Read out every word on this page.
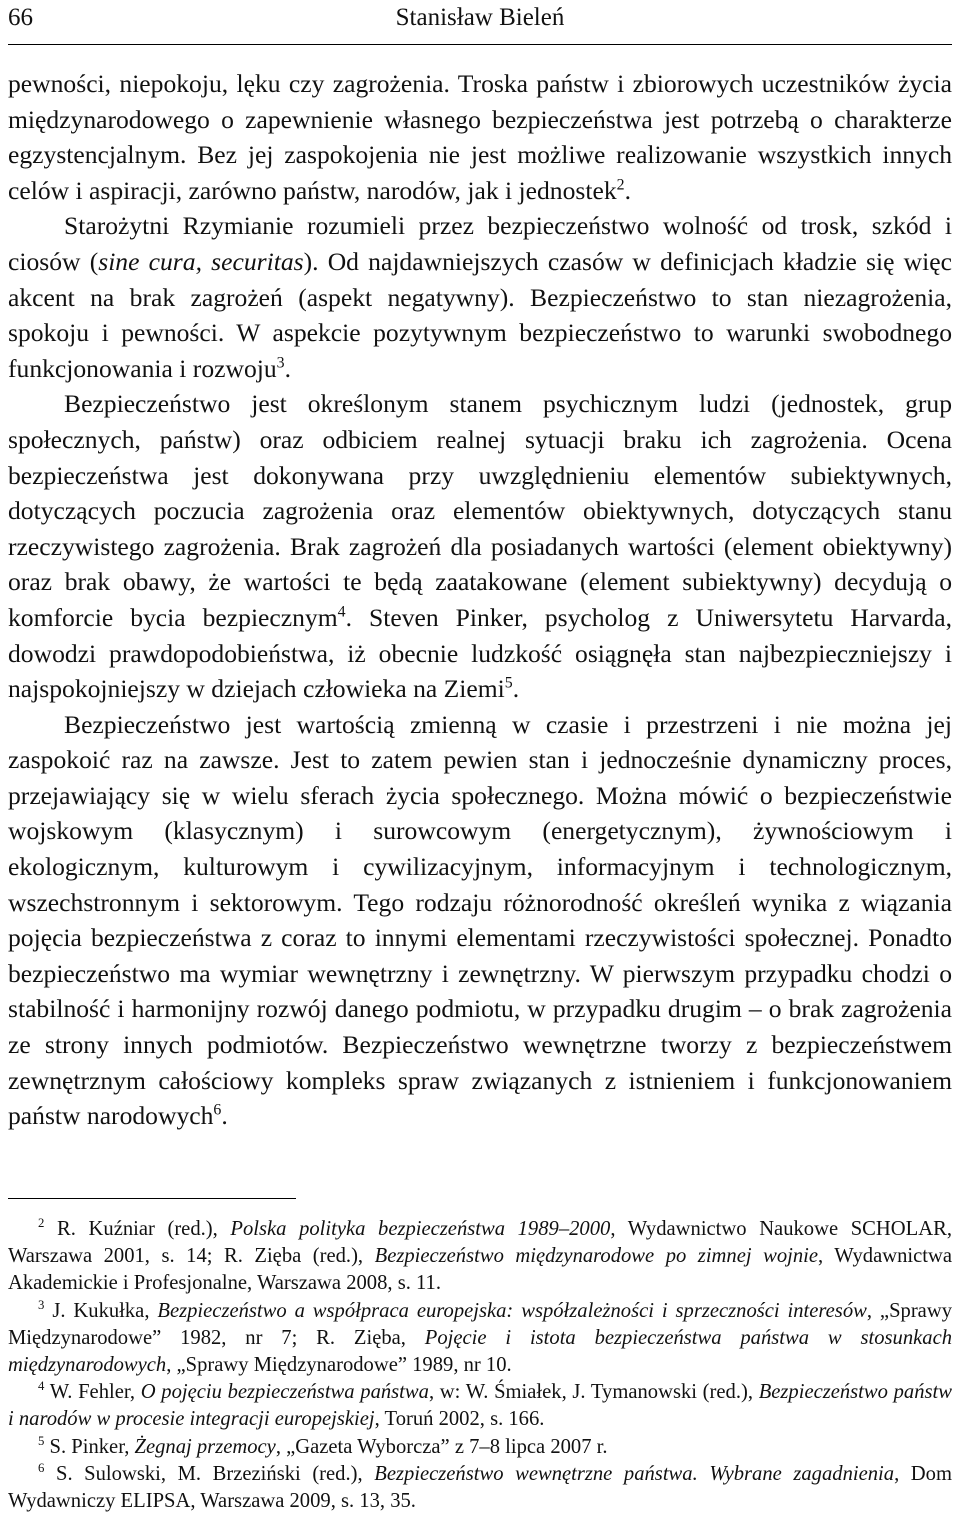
66	Stanisław Bieleń

pewności, niepokoju, lęku czy zagrożenia. Troska państw i zbiorowych uczestników życia międzynarodowego o zapewnienie własnego bezpieczeństwa jest potrzebą o charakterze egzystencjalnym. Bez jej zaspokojenia nie jest możliwe realizowanie wszystkich innych celów i aspiracji, zarówno państw, narodów, jak i jednostek$^2$.

Starożytni Rzymianie rozumieli przez bezpieczeństwo wolność od trosk, szkód i ciosów (sine cura, securitas). Od najdawniejszych czasów w definicjach kładzie się więc akcent na brak zagrożeń (aspekt negatywny). Bezpieczeństwo to stan niezagrożenia, spokoju i pewności. W aspekcie pozytywnym bezpieczeństwo to warunki swobodnego funkcjonowania i rozwoju$^3$.

Bezpieczeństwo jest określonym stanem psychicznym ludzi (jednostek, grup społecznych, państw) oraz odbiciem realnej sytuacji braku ich zagrożenia. Ocena bezpieczeństwa jest dokonywana przy uwzględnieniu elementów subiektywnych, dotyczących poczucia zagrożenia oraz elementów obiektywnych, dotyczących stanu rzeczywistego zagrożenia. Brak zagrożeń dla posiadanych wartości (element obiektywny) oraz brak obawy, że wartości te będą zaatakowane (element subiektywny) decydują o komforcie bycia bezpiecznym$^4$. Steven Pinker, psycholog z Uniwersytetu Harvarda, dowodzi prawdopodobieństwa, iż obecnie ludzkość osiągnęła stan najbezpieczniejszy i najspokojniejszy w dziejach człowieka na Ziemi$^5$.

Bezpieczeństwo jest wartością zmienną w czasie i przestrzeni i nie można jej zaspokoić raz na zawsze. Jest to zatem pewien stan i jednocześnie dynamiczny proces, przejawiający się w wielu sferach życia społecznego. Można mówić o bezpieczeństwie wojskowym (klasycznym) i surowcowym (energetycznym), żywnościowym i ekologicznym, kulturowym i cywilizacyjnym, informacyjnym i technologicznym, wszechstronnym i sektorowym. Tego rodzaju różnorodność określeń wynika z wiązania pojęcia bezpieczeństwa z coraz to innymi elementami rzeczywistości społecznej. Ponadto bezpieczeństwo ma wymiar wewnętrzny i zewnętrzny. W pierwszym przypadku chodzi o stabilność i harmonijny rozwój danego podmiotu, w przypadku drugim – o brak zagrożenia ze strony innych podmiotów. Bezpieczeństwo wewnętrzne tworzy z bezpieczeństwem zewnętrznym całościowy kompleks spraw związanych z istnieniem i funkcjonowaniem państw narodowych$^6$.

$^2$ R. Kuźniar (red.), Polska polityka bezpieczeństwa 1989–2000, Wydawnictwo Naukowe SCHOLAR, Warszawa 2001, s. 14; R. Zięba (red.), Bezpieczeństwo międzynarodowe po zimnej wojnie, Wydawnictwa Akademickie i Profesjonalne, Warszawa 2008, s. 11.

$^3$ J. Kukułka, Bezpieczeństwo a współpraca europejska: współzależności i sprzeczności interesów, „Sprawy Międzynarodowe” 1982, nr 7; R. Zięba, Pojęcie i istota bezpieczeństwa państwa w stosunkach międzynarodowych, „Sprawy Międzynarodowe” 1989, nr 10.

$^4$ W. Fehler, O pojęciu bezpieczeństwa państwa, w: W. Śmiałek, J. Tymanowski (red.), Bezpieczeństwo państw i narodów w procesie integracji europejskiej, Toruń 2002, s. 166.

$^5$ S. Pinker, Żegnaj przemocy, „Gazeta Wyborcza” z 7–8 lipca 2007 r.

$^6$ S. Sulowski, M. Brzeziński (red.), Bezpieczeństwo wewnętrzne państwa. Wybrane zagadnienia, Dom Wydawniczy ELIPSA, Warszawa 2009, s. 13, 35.
